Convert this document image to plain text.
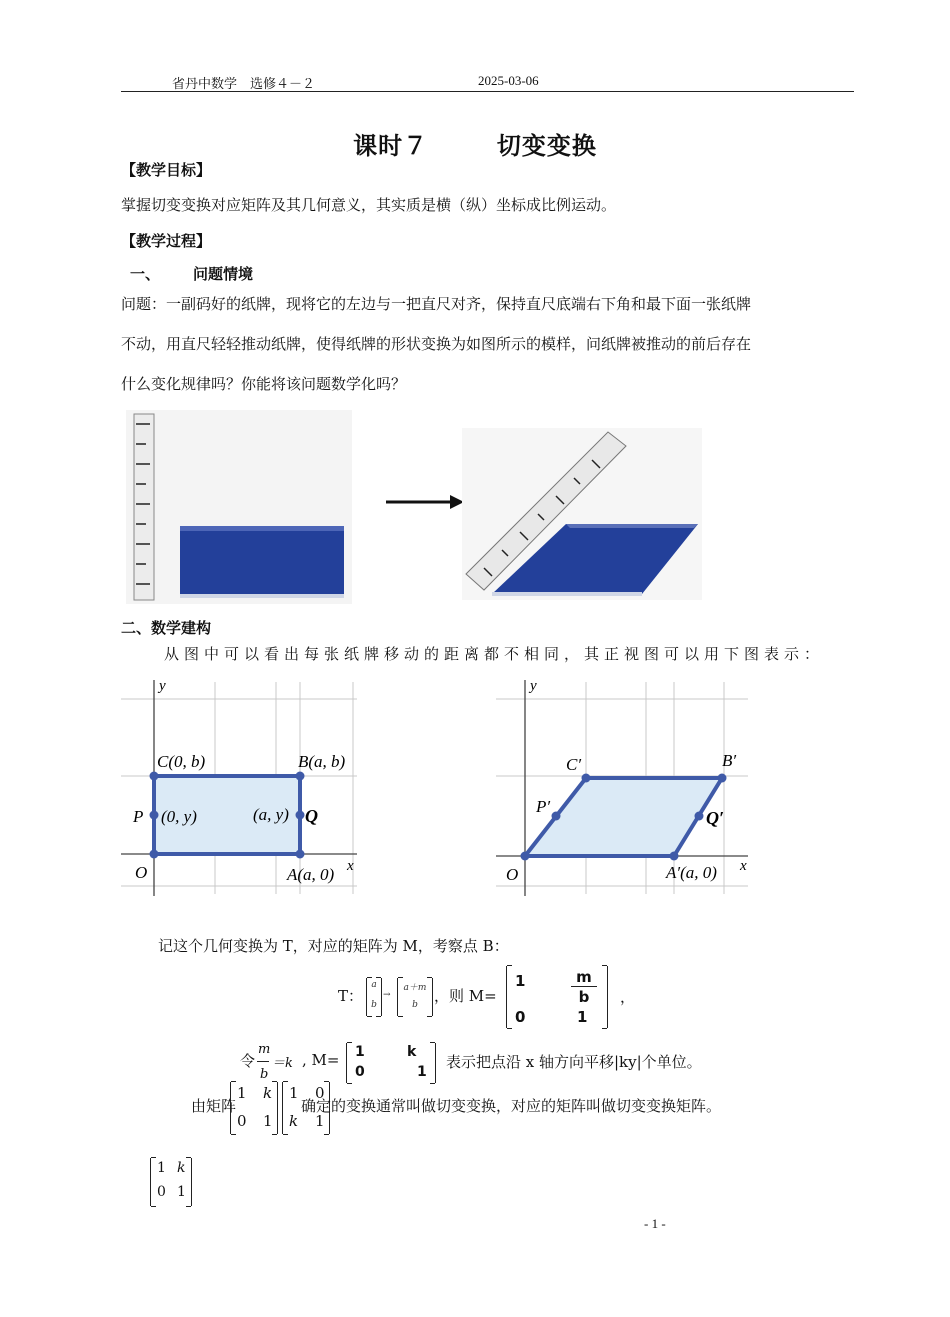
省丹中数学　选修４－２	2025-03-06
课时７	切变变换
【教学目标】
掌握切变变换对应矩阵及其几何意义，其实质是横（纵）坐标成比例运动。
【教学过程】
一、 问题情境
问题：一副码好的纸牌，现将它的左边与一把直尺对齐，保持直尺底端右下角和最下面一张纸牌
不动，用直尺轻轻推动纸牌，使得纸牌的形状变换为如图所示的模样，问纸牌被推动的前后存在
什么变化规律吗？你能将该问题数学化吗？
二、数学建构
从图中可以看出每张纸牌移动的距离都不相同，其正视图可以用下图表示：
y
x
O
C(0, b)	B(a, b)
P (0, y)	(a, y) Q
A(a, 0)
y
x
O
C′	B′
P′
Q′
A′(a, 0)
记这个几何变换为 T，对应的矩阵为 M，考察点 B：
T：
a
b
→
a＋m
b	，则 M=
1	m
b
0	1
，
令
m
b
＝k , M= 1	k
0	1
表示把点沿 x 轴方向平移|ky|个单位。
由矩阵
1 k
0 1
1 0
k 1
确定的变换通常叫做切变变换，对应的矩阵叫做切变变换矩阵。
1 k
0 1
- 1 -
